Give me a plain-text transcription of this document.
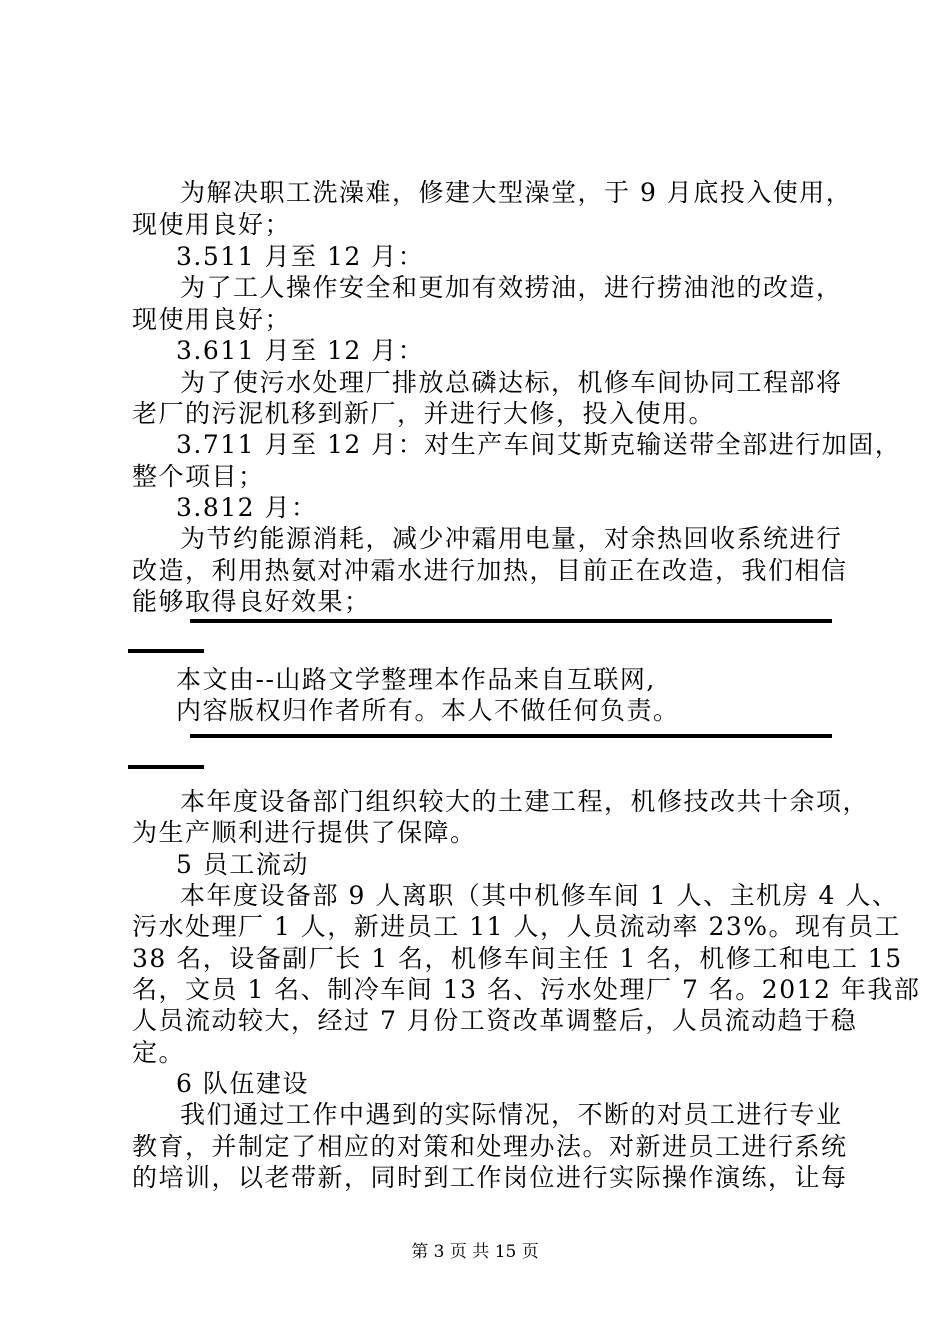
为解决职工洗澡难，修建大型澡堂，于 9 月底投入使用，
现使用良好；
3.511 月至 12 月：
为了工人操作安全和更加有效捞油，进行捞油池的改造，
现使用良好；
3.611 月至 12 月：
为了使污水处理厂排放总磷达标，机修车间协同工程部将
老厂的污泥机移到新厂，并进行大修，投入使用。
3.711 月至 12 月：对生产车间艾斯克输送带全部进行加固，
整个项目；
3.812 月：
为节约能源消耗，减少冲霜用电量，对余热回收系统进行
改造，利用热氨对冲霜水进行加热，目前正在改造，我们相信
能够取得良好效果；
本文由--山路文学整理本作品来自互联网,
内容版权归作者所有。本人不做任何负责。
本年度设备部门组织较大的土建工程，机修技改共十余项，
为生产顺利进行提供了保障。
5 员工流动
本年度设备部 9 人离职（其中机修车间 1 人、主机房 4 人、
污水处理厂 1 人，新进员工 11 人，人员流动率 23%。现有员工
38 名，设备副厂长 1 名，机修车间主任 1 名，机修工和电工 15
名，文员 1 名、制冷车间 13 名、污水处理厂 7 名。2012 年我部
人员流动较大，经过 7 月份工资改革调整后，人员流动趋于稳
定。
6 队伍建设
我们通过工作中遇到的实际情况，不断的对员工进行专业
教育，并制定了相应的对策和处理办法。对新进员工进行系统
的培训，以老带新，同时到工作岗位进行实际操作演练，让每
第 3 页 共 15 页
